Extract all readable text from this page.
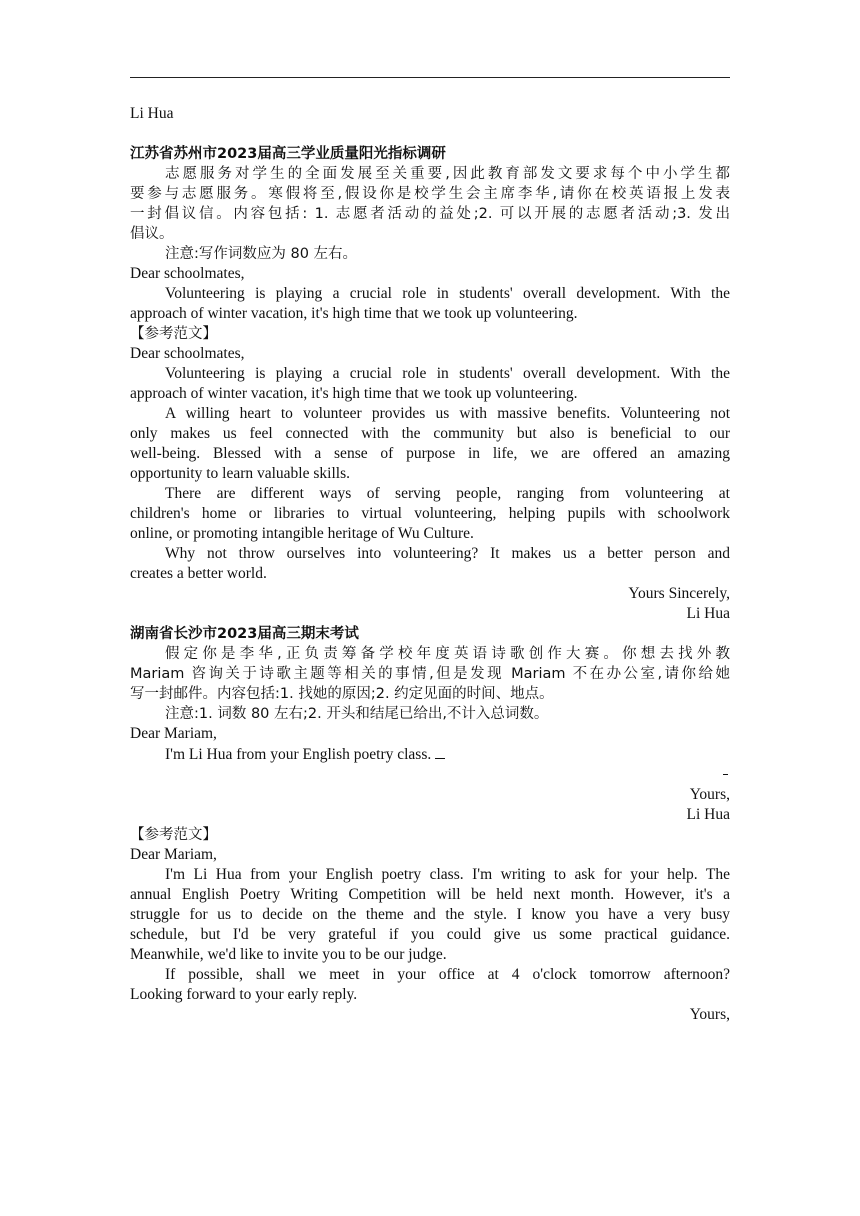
Li Hua
江苏省苏州市2023届高三学业质量阳光指标调研
志愿服务对学生的全面发展至关重要,因此教育部发文要求每个中小学生都
要参与志愿服务。寒假将至,假设你是校学生会主席李华,请你在校英语报上发表
一封倡议信。内容包括: 1. 志愿者活动的益处;2. 可以开展的志愿者活动;3. 发出
倡议。
注意:写作词数应为 80 左右。
Dear schoolmates,
Volunteering is playing a crucial role in students' overall development. With the
approach of winter vacation, it's high time that we took up volunteering.
【参考范文】
Dear schoolmates,
Volunteering is playing a crucial role in students' overall development. With the
approach of winter vacation, it's high time that we took up volunteering.
A willing heart to volunteer provides us with massive benefits. Volunteering not
only makes us feel connected with the community but also is beneficial to our
well-being. Blessed with a sense of purpose in life, we are offered an amazing
opportunity to learn valuable skills.
There are different ways of serving people, ranging from volunteering at
children's home or libraries to virtual volunteering, helping pupils with schoolwork
online, or promoting intangible heritage of Wu Culture.
Why not throw ourselves into volunteering? It makes us a better person and
creates a better world.
Yours Sincerely,
Li Hua
湖南省长沙市2023届高三期末考试
假定你是李华,正负责筹备学校年度英语诗歌创作大赛。你想去找外教
Mariam 咨询关于诗歌主题等相关的事情,但是发现 Mariam 不在办公室,请你给她
写一封邮件。内容包括:1. 找她的原因;2. 约定见面的时间、地点。
注意:1. 词数 80 左右;2. 开头和结尾已给出,不计入总词数。
Dear Mariam,
I'm Li Hua from your English poetry class.
Yours,
Li Hua
【参考范文】
Dear Mariam,
I'm Li Hua from your English poetry class. I'm writing to ask for your help. The
annual English Poetry Writing Competition will be held next month. However, it's a
struggle for us to decide on the theme and the style. I know you have a very busy
schedule, but I'd be very grateful if you could give us some practical guidance.
Meanwhile, we'd like to invite you to be our judge.
If possible, shall we meet in your office at 4 o'clock tomorrow afternoon?
Looking forward to your early reply.
Yours,
